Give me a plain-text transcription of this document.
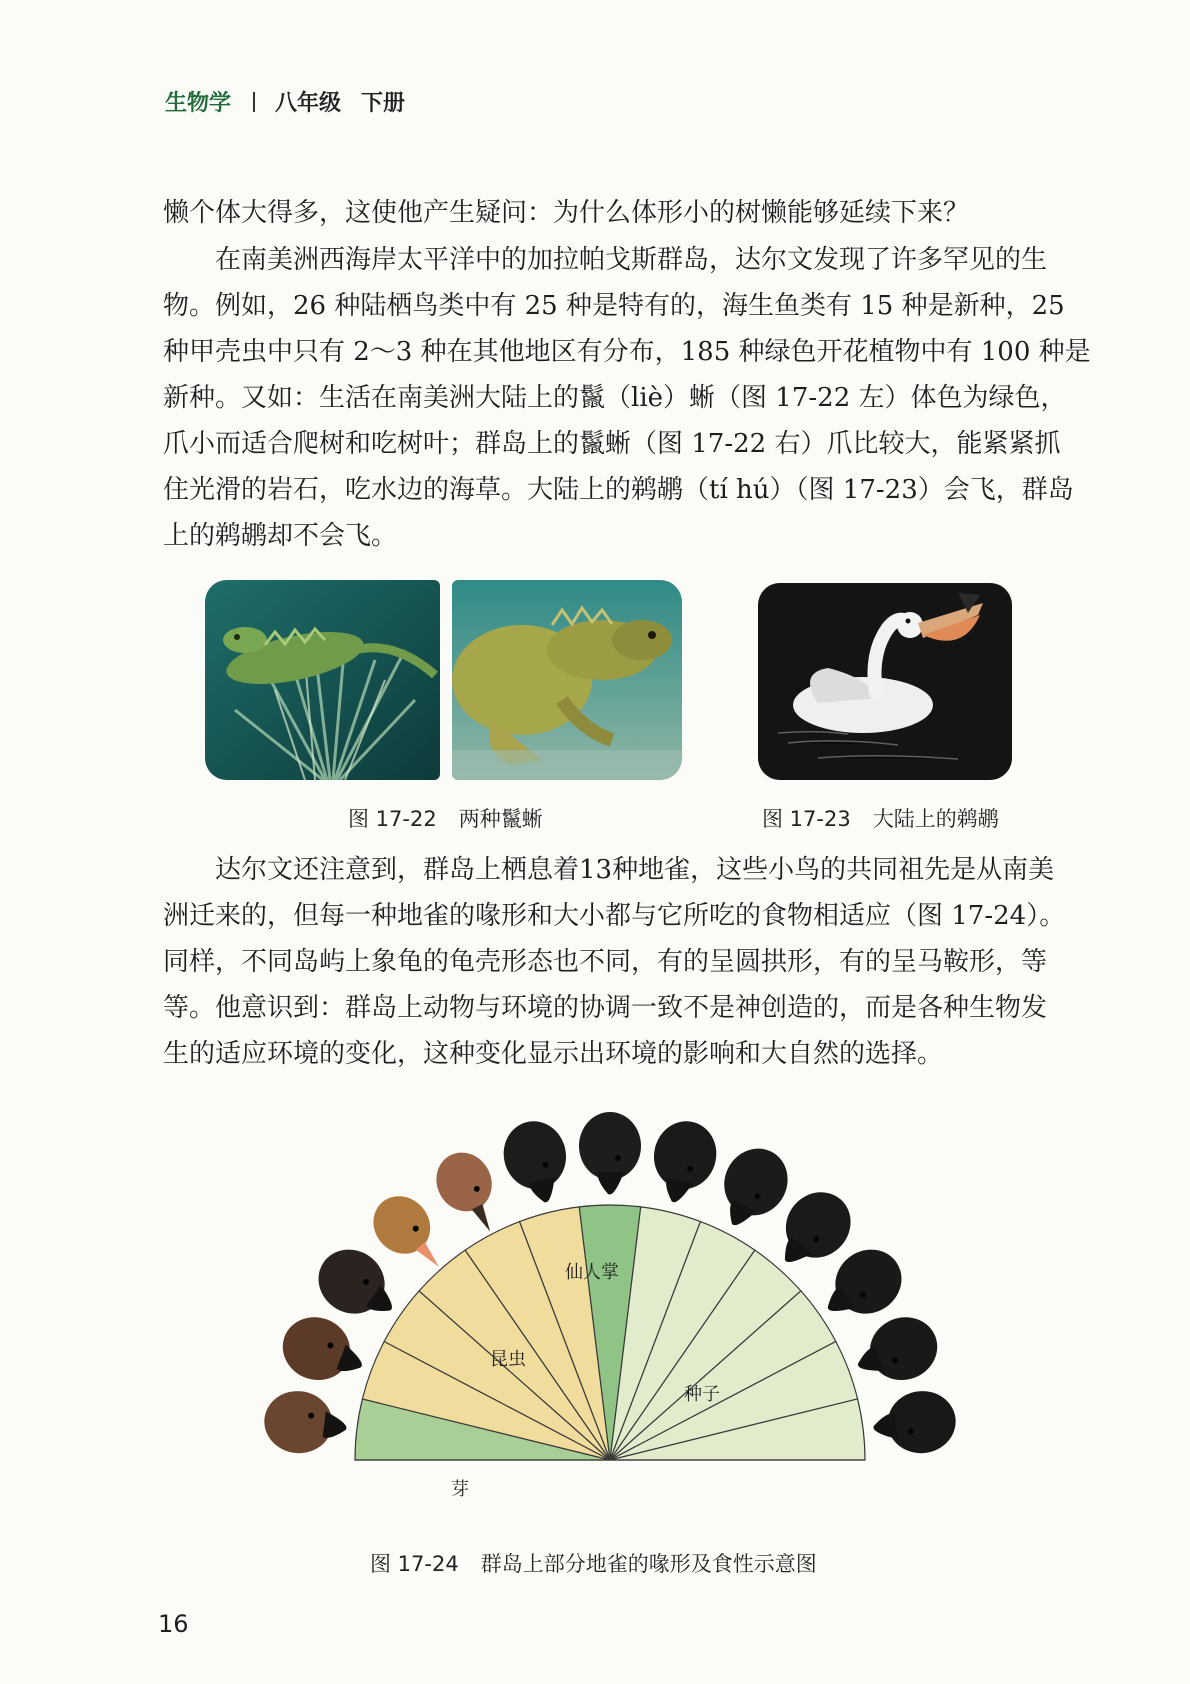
生物学 八年级 下册
懒个体大得多，这使他产生疑问：为什么体形小的树懒能够延续下来？
　　在南美洲西海岸太平洋中的加拉帕戈斯群岛，达尔文发现了许多罕见的生
物。例如，26 种陆栖鸟类中有 25 种是特有的，海生鱼类有 15 种是新种，25
种甲壳虫中只有 2～3 种在其他地区有分布，185 种绿色开花植物中有 100 种是
新种。又如：生活在南美洲大陆上的鬣（liè）蜥（图 17-22 左）体色为绿色，
爪小而适合爬树和吃树叶；群岛上的鬣蜥（图 17-22 右）爪比较大，能紧紧抓
住光滑的岩石，吃水边的海草。大陆上的鹈鹕（tí hú）（图 17-23）会飞，群岛
上的鹈鹕却不会飞。
图 17-22 两种鬣蜥	图 17-23 大陆上的鹈鹕
　　达尔文还注意到，群岛上栖息着13种地雀，这些小鸟的共同祖先是从南美
洲迁来的，但每一种地雀的喙形和大小都与它所吃的食物相适应（图 17-24）。
同样，不同岛屿上象龟的龟壳形态也不同，有的呈圆拱形，有的呈马鞍形，等
等。他意识到：群岛上动物与环境的协调一致不是神创造的，而是各种生物发
生的适应环境的变化，这种变化显示出环境的影响和大自然的选择。
芽
昆虫
仙人掌
种子
图 17-24 群岛上部分地雀的喙形及食性示意图
16
